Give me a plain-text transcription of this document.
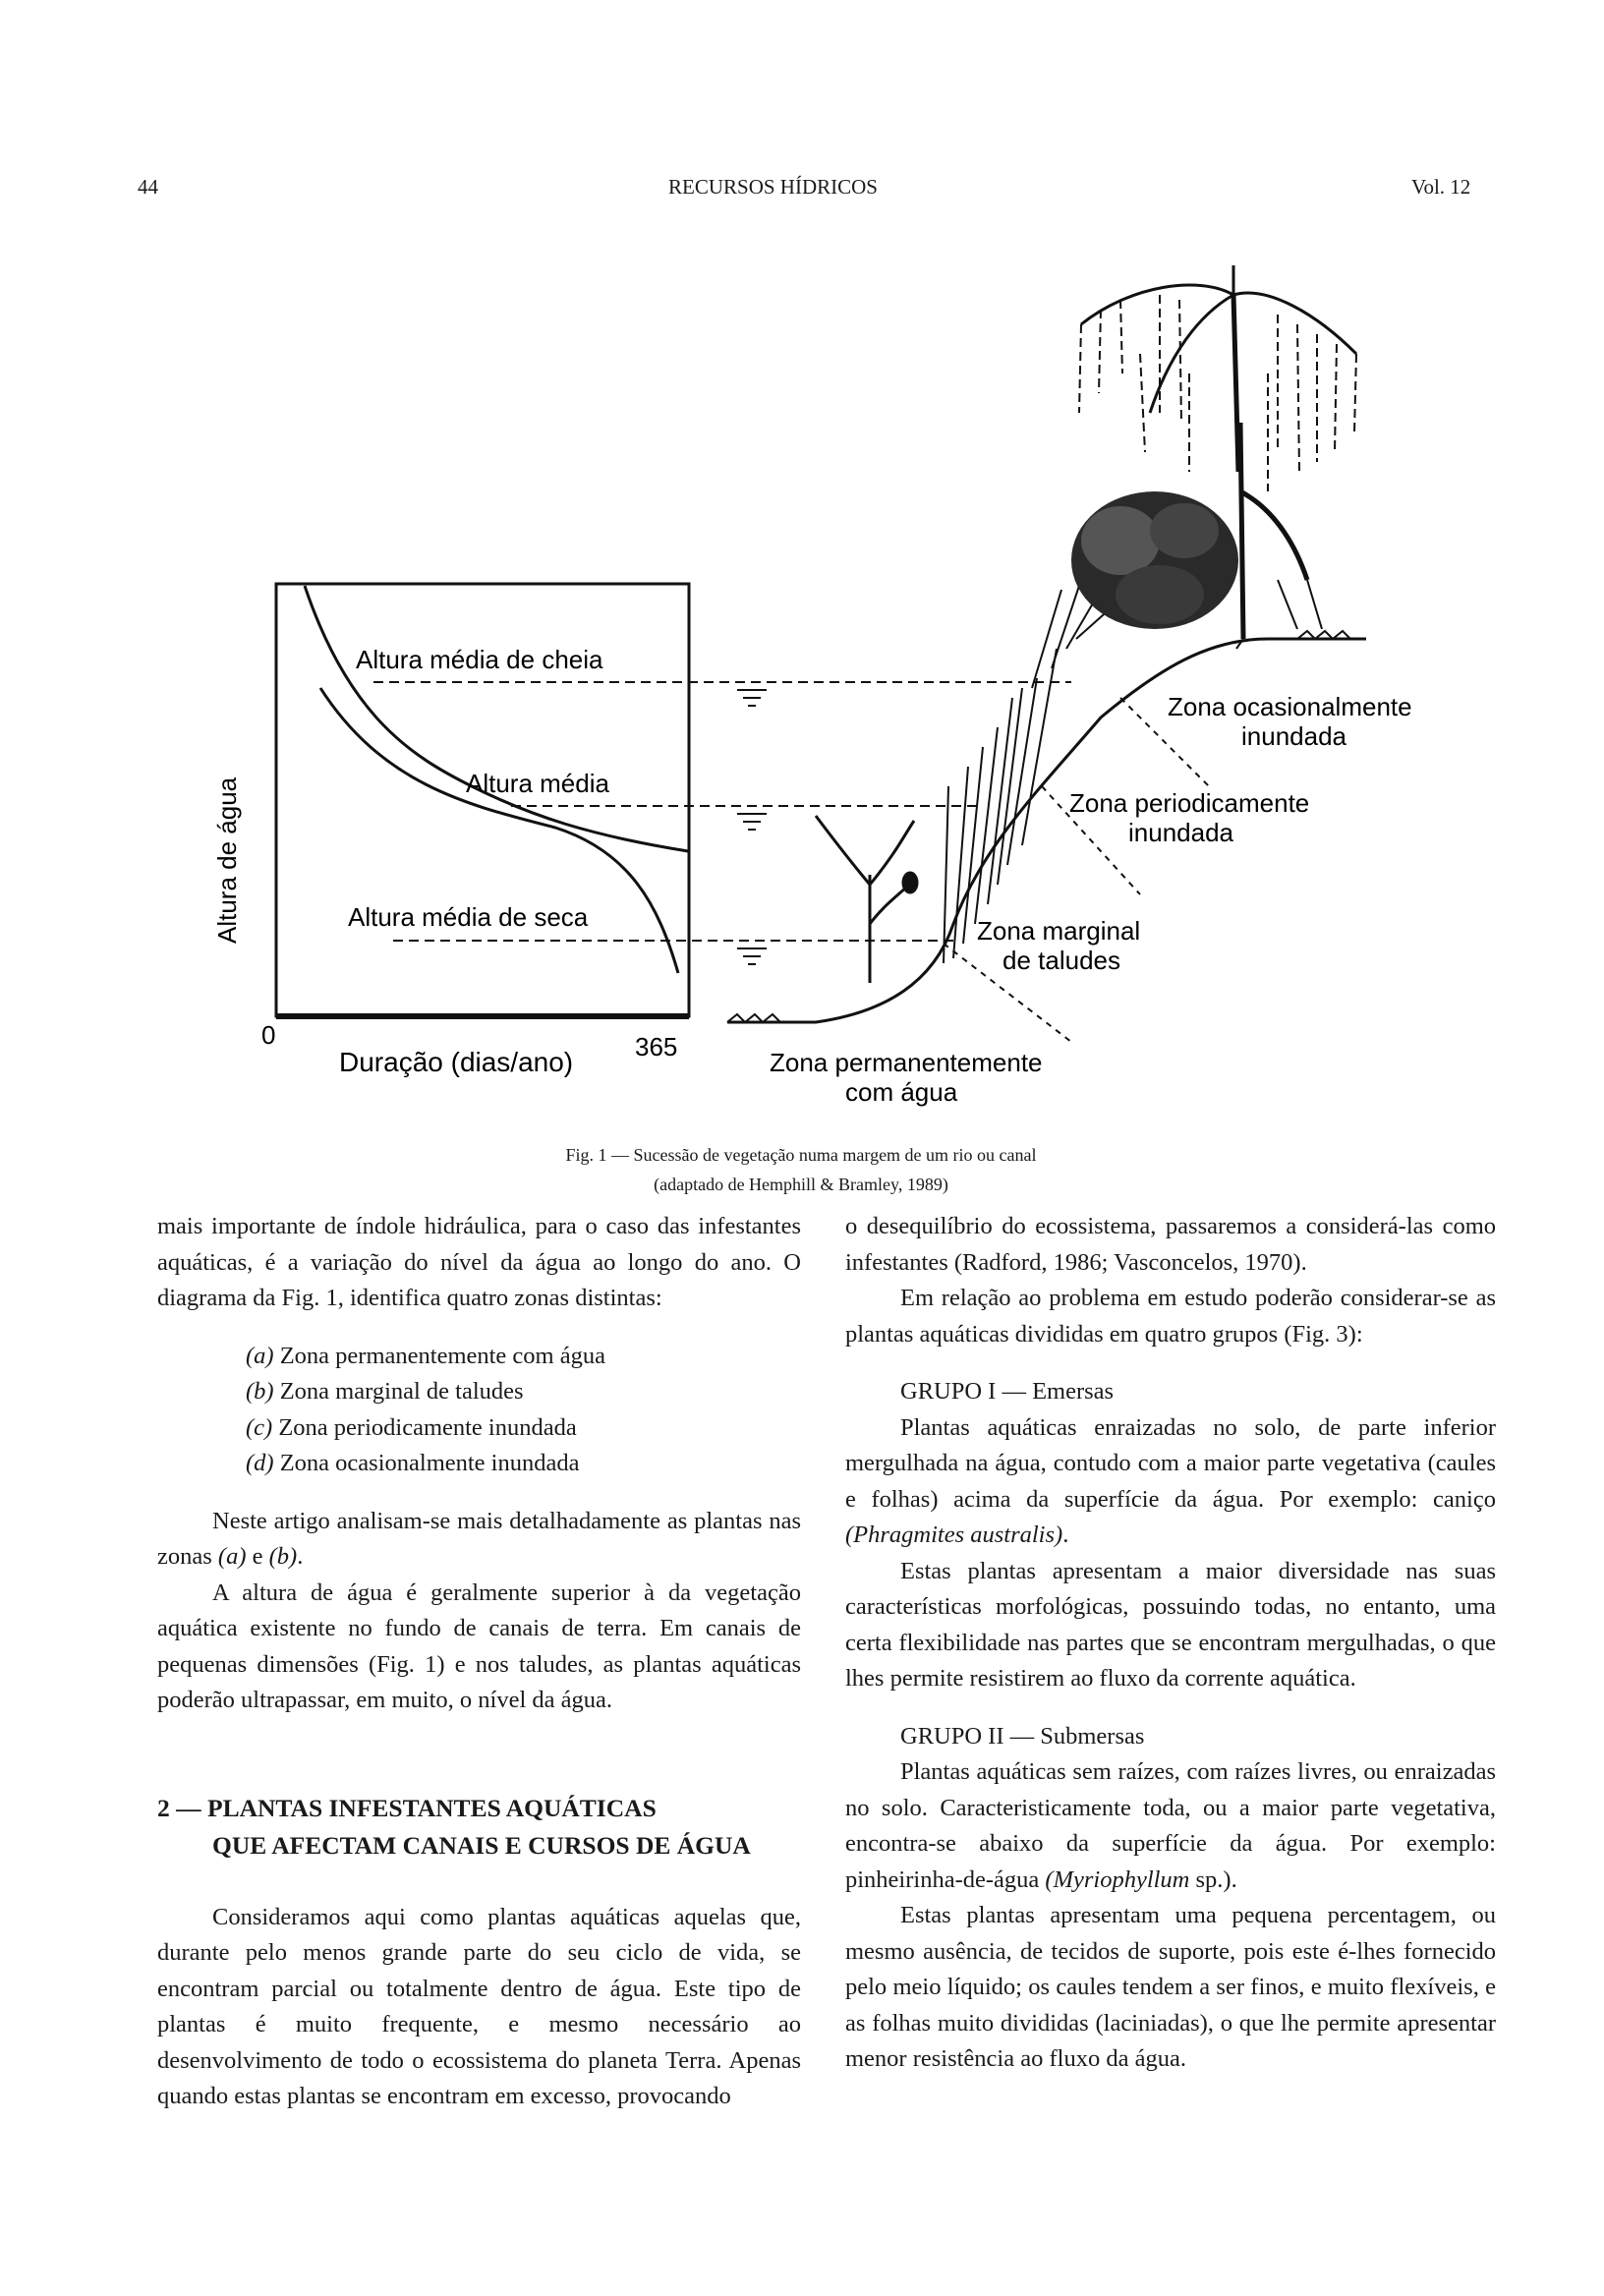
44	RECURSOS HÍDRICOS	Vol. 12
Altura de água
0
Duração (dias/ano) 365
Altura média de cheia
Altura média
Altura média de seca
Zona ocasionalmente
inundada
Zona periodicamente
inundada
Zona marginal
de taludes
Zona permanentemente
com água
Fig. 1 — Sucessão de vegetação numa margem de um rio ou canal
(adaptado de Hemphill & Bramley, 1989)

mais importante de índole hidráulica, para o caso das infestantes aquáticas, é a variação do nível da água ao longo do ano. O diagrama da Fig. 1, identifica quatro zonas distintas:

(a) Zona permanentemente com água
(b) Zona marginal de taludes
(c) Zona periodicamente inundada
(d) Zona ocasionalmente inundada

Neste artigo analisam-se mais detalhadamente as plantas nas zonas (a) e (b).

A altura de água é geralmente superior à da vegetação aquática existente no fundo de canais de terra. Em canais de pequenas dimensões (Fig. 1) e nos taludes, as plantas aquáticas poderão ultrapassar, em muito, o nível da água.

2 — PLANTAS INFESTANTES AQUÁTICAS
QUE AFECTAM CANAIS E CURSOS DE ÁGUA

Consideramos aqui como plantas aquáticas aquelas que, durante pelo menos grande parte do seu ciclo de vida, se encontram parcial ou totalmente dentro de água. Este tipo de plantas é muito frequente, e mesmo necessário ao desenvolvimento de todo o ecossistema do planeta Terra. Apenas quando estas plantas se encontram em excesso, provocando

o desequilíbrio do ecossistema, passaremos a considerá-las como infestantes (Radford, 1986; Vasconcelos, 1970).

Em relação ao problema em estudo poderão considerar-se as plantas aquáticas divididas em quatro grupos (Fig. 3):

GRUPO I — Emersas

Plantas aquáticas enraizadas no solo, de parte inferior mergulhada na água, contudo com a maior parte vegetativa (caules e folhas) acima da superfície da água. Por exemplo: caniço (Phragmites australis).

Estas plantas apresentam a maior diversidade nas suas características morfológicas, possuindo todas, no entanto, uma certa flexibilidade nas partes que se encontram mergulhadas, o que lhes permite resistirem ao fluxo da corrente aquática.

GRUPO II — Submersas

Plantas aquáticas sem raízes, com raízes livres, ou enraizadas no solo. Caracteristicamente toda, ou a maior parte vegetativa, encontra-se abaixo da superfície da água. Por exemplo: pinheirinha-de-água (Myriophyllum sp.).

Estas plantas apresentam uma pequena percentagem, ou mesmo ausência, de tecidos de suporte, pois este é-lhes fornecido pelo meio líquido; os caules tendem a ser finos, e muito flexíveis, e as folhas muito divididas (laciniadas), o que lhe permite apresentar menor resistência ao fluxo da água.
